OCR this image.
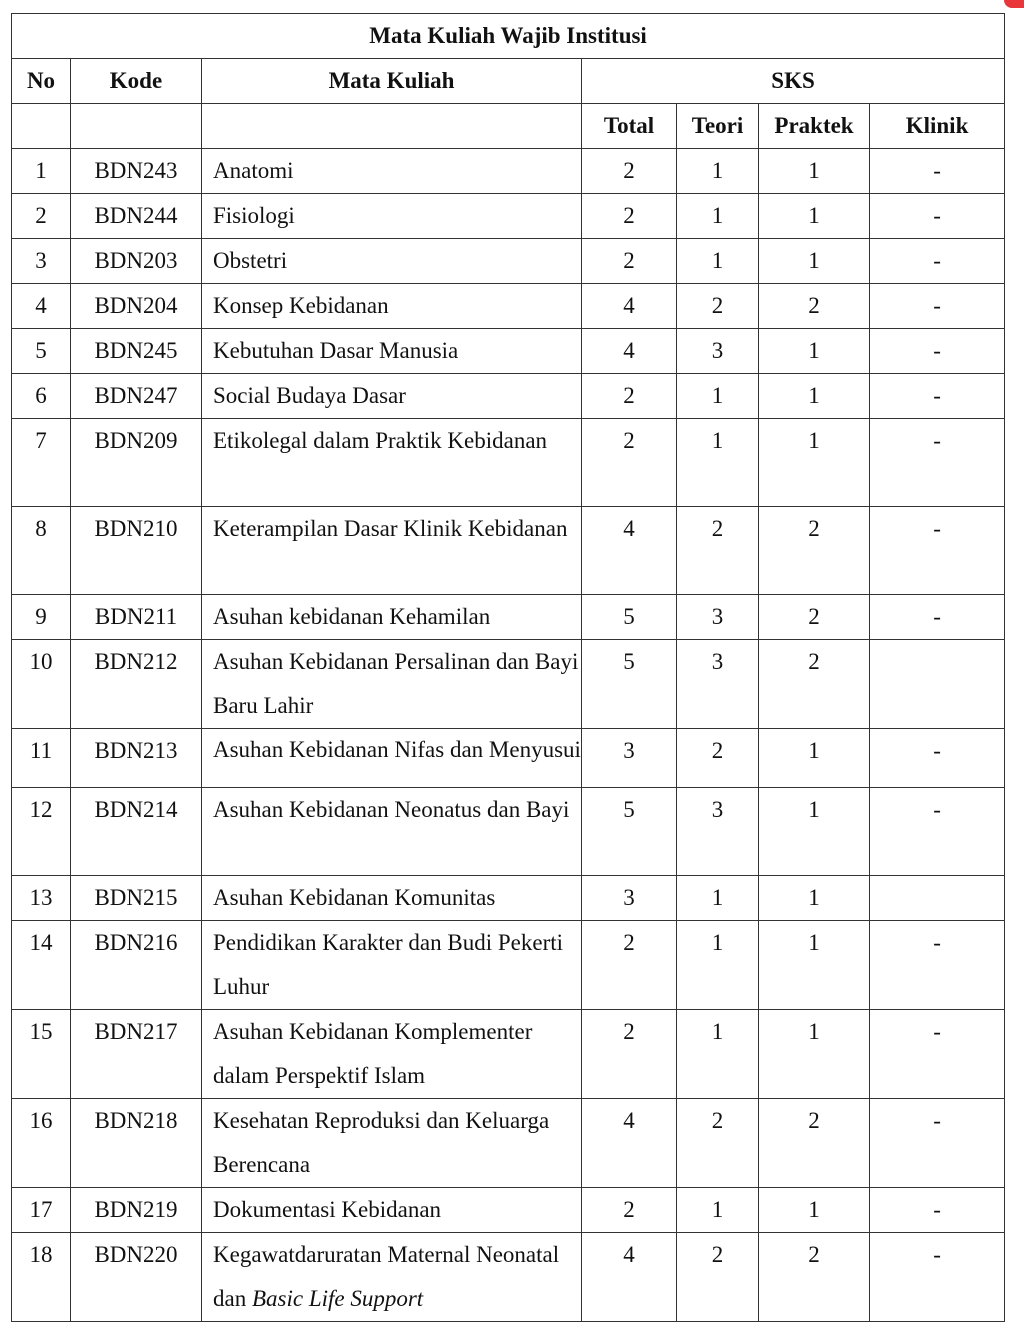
Mata Kuliah Wajib Institusi						
No	Kode	Mata Kuliah	SKS			
			Total	Teori	Praktek	Klinik
1	BDN243	Anatomi	2	1	1	-
2	BDN244	Fisiologi	2	1	1	-
3	BDN203	Obstetri	2	1	1	-
4	BDN204	Konsep Kebidanan	4	2	2	-
5	BDN245	Kebutuhan Dasar Manusia	4	3	1	-
6	BDN247	Social Budaya Dasar	2	1	1	-
7	BDN209	Etikolegal dalam Praktik Kebidanan	2	1	1	-
8	BDN210	Keterampilan Dasar Klinik Kebidanan	4	2	2	-
9	BDN211	Asuhan kebidanan Kehamilan	5	3	2	-
10	BDN212	Asuhan Kebidanan Persalinan dan Bayi Baru Lahir	5	3	2	
11	BDN213	Asuhan Kebidanan Nifas dan Menyusui	3	2	1	-
12	BDN214	Asuhan Kebidanan Neonatus dan Bayi	5	3	1	-
13	BDN215	Asuhan Kebidanan Komunitas	3	1	1	
14	BDN216	Pendidikan Karakter dan Budi Pekerti Luhur	2	1	1	-
15	BDN217	Asuhan Kebidanan Komplementer dalam Perspektif Islam	2	1	1	-
16	BDN218	Kesehatan Reproduksi dan Keluarga Berencana	4	2	2	-
17	BDN219	Dokumentasi Kebidanan	2	1	1	-
18	BDN220	Kegawatdaruratan Maternal Neonatal dan Basic Life Support	4	2	2	-
